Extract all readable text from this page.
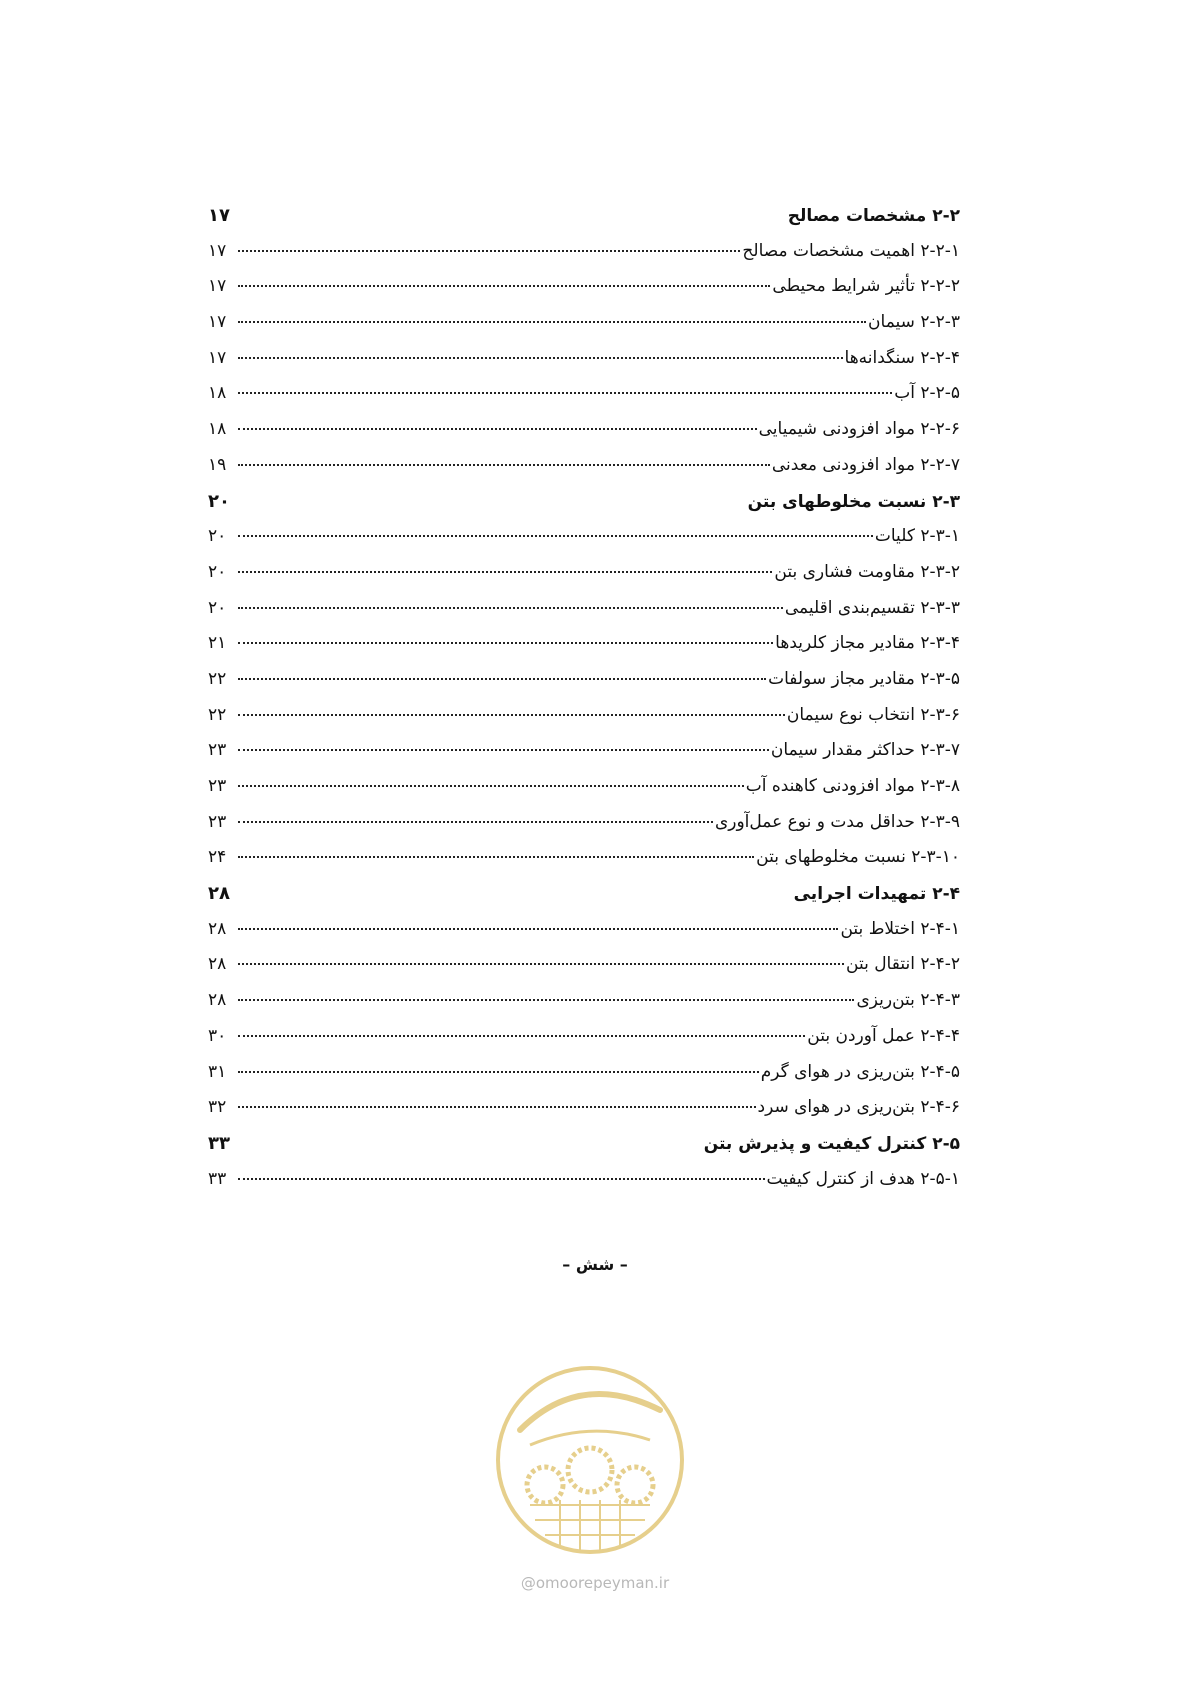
۲-۲ مشخصات مصالح
۱۷
۲-۲-۱ اهمیت مشخصات مصالح
۱۷
۲-۲-۲ تأثیر شرایط محیطی
۱۷
۲-۲-۳ سیمان
۱۷
۲-۲-۴ سنگدانه‌ها
۱۷
۲-۲-۵ آب
۱۸
۲-۲-۶ مواد افزودنی شیمیایی
۱۸
۲-۲-۷ مواد افزودنی معدنی
۱۹
۲-۳ نسبت مخلوطهای بتن
۲۰
۲-۳-۱ کلیات
۲۰
۲-۳-۲ مقاومت فشاری بتن
۲۰
۲-۳-۳ تقسیم‌بندی اقلیمی
۲۰
۲-۳-۴ مقادیر مجاز کلریدها
۲۱
۲-۳-۵ مقادیر مجاز سولفات
۲۲
۲-۳-۶ انتخاب نوع سیمان
۲۲
۲-۳-۷ حداکثر مقدار سیمان
۲۳
۲-۳-۸ مواد افزودنی کاهنده آب
۲۳
۲-۳-۹ حداقل مدت و نوع عمل‌آوری
۲۳
۲-۳-۱۰ نسبت مخلوطهای بتن
۲۴
۲-۴ تمهیدات اجرایی
۲۸
۲-۴-۱ اختلاط بتن
۲۸
۲-۴-۲ انتقال بتن
۲۸
۲-۴-۳ بتن‌ریزی
۲۸
۲-۴-۴ عمل آوردن بتن
۳۰
۲-۴-۵ بتن‌ریزی در هوای گرم
۳۱
۲-۴-۶ بتن‌ریزی در هوای سرد
۳۲
۲-۵ کنترل کیفیت و پذیرش بتن
۳۳
۲-۵-۱ هدف از کنترل کیفیت
۳۳
– شش –
@omoorepeyman.ir
